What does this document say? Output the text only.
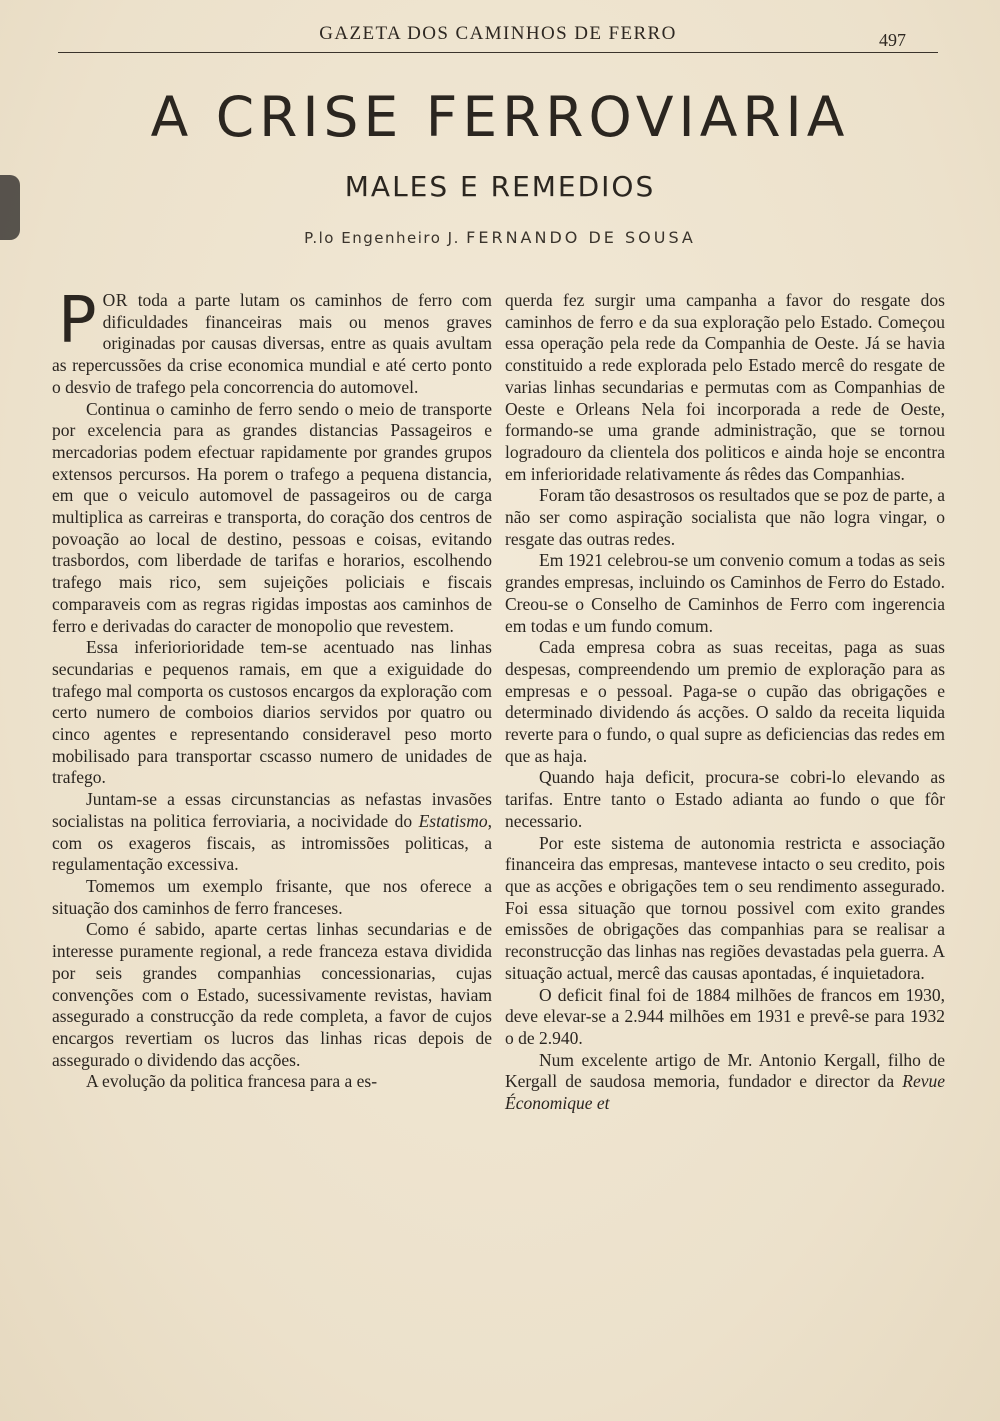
GAZETA DOS CAMINHOS DE FERRO	497
A CRISE FERROVIARIA
MALES E REMEDIOS
P.lo Engenheiro J. FERNANDO DE SOUSA

POR toda a parte lutam os caminhos de ferro com dificuldades financeiras mais ou menos graves originadas por causas diversas, entre as quais avultam as repercussões da crise economica mundial e até certo ponto o desvio de trafego pela concorrencia do automovel.

Continua o caminho de ferro sendo o meio de transporte por excelencia para as grandes distancias Passageiros e mercadorias podem efectuar rapidamente por grandes grupos extensos percursos. Ha porem o trafego a pequena distancia, em que o veiculo automovel de passageiros ou de carga multiplica as carreiras e transporta, do coração dos centros de povoação ao local de destino, pessoas e coisas, evitando trasbordos, com liberdade de tarifas e horarios, escolhendo trafego mais rico, sem sujeições policiais e fiscais comparaveis com as regras rigidas impostas aos caminhos de ferro e derivadas do caracter de monopolio que revestem.

Essa inferiorioridade tem-se acentuado nas linhas secundarias e pequenos ramais, em que a exiguidade do trafego mal comporta os custosos encargos da exploração com certo numero de comboios diarios servidos por quatro ou cinco agentes e representando consideravel peso morto mobilisado para transportar cscasso numero de unidades de trafego.

Juntam-se a essas circunstancias as nefastas invasões socialistas na politica ferroviaria, a nocividade do Estatismo, com os exageros fiscais, as intromissões politicas, a regulamentação excessiva.

Tomemos um exemplo frisante, que nos oferece a situação dos caminhos de ferro franceses.

Como é sabido, aparte certas linhas secundarias e de interesse puramente regional, a rede franceza estava dividida por seis grandes companhias concessionarias, cujas convenções com o Estado, sucessivamente revistas, haviam assegurado a construcção da rede completa, a favor de cujos encargos revertiam os lucros das linhas ricas depois de assegurado o dividendo das acções.

A evolução da politica francesa para a es-

querda fez surgir uma campanha a favor do resgate dos caminhos de ferro e da sua exploração pelo Estado. Começou essa operação pela rede da Companhia de Oeste. Já se havia constituido a rede explorada pelo Estado mercê do resgate de varias linhas secundarias e permutas com as Companhias de Oeste e Orleans Nela foi incorporada a rede de Oeste, formando-se uma grande administração, que se tornou logradouro da clientela dos politicos e ainda hoje se encontra em inferioridade relativamente ás rêdes das Companhias.

Foram tão desastrosos os resultados que se poz de parte, a não ser como aspiração socialista que não logra vingar, o resgate das outras redes.

Em 1921 celebrou-se um convenio comum a todas as seis grandes empresas, incluindo os Caminhos de Ferro do Estado. Creou-se o Conselho de Caminhos de Ferro com ingerencia em todas e um fundo comum.

Cada empresa cobra as suas receitas, paga as suas despesas, compreendendo um premio de exploração para as empresas e o pessoal. Paga-se o cupão das obrigações e determinado dividendo ás acções. O saldo da receita liquida reverte para o fundo, o qual supre as deficiencias das redes em que as haja.

Quando haja deficit, procura-se cobri-lo elevando as tarifas. Entre tanto o Estado adianta ao fundo o que fôr necessario.

Por este sistema de autonomia restricta e associação financeira das empresas, mantevese intacto o seu credito, pois que as acções e obrigações tem o seu rendimento assegurado. Foi essa situação que tornou possivel com exito grandes emissões de obrigações das companhias para se realisar a reconstrucção das linhas nas regiões devastadas pela guerra. A situação actual, mercê das causas apontadas, é inquietadora.

O deficit final foi de 1884 milhões de francos em 1930, deve elevar-se a 2.944 milhões em 1931 e prevê-se para 1932 o de 2.940.

Num excelente artigo de Mr. Antonio Kergall, filho de Kergall de saudosa memoria, fundador e director da Revue Économique et
